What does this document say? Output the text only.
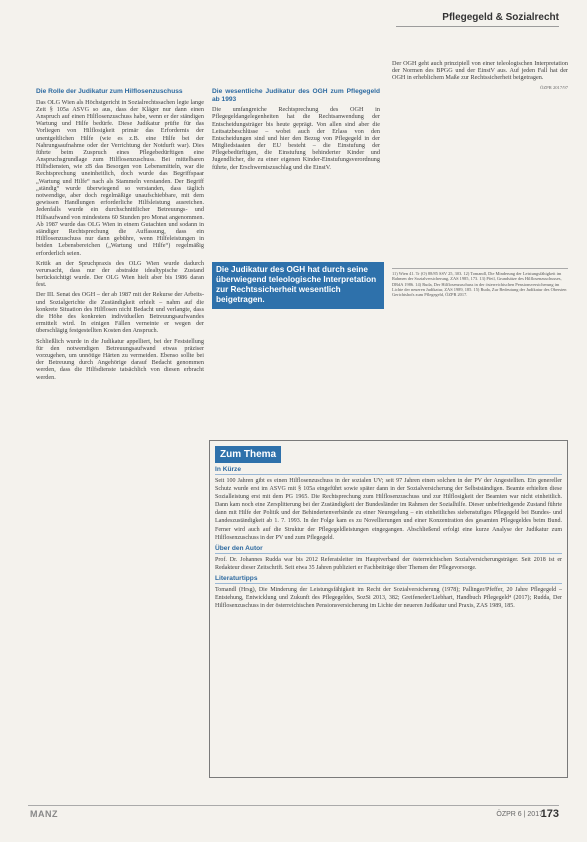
Pflegegeld & Sozialrecht
Die Rolle der Judikatur zum Hilflosenzuschuss

Das OLG Wien als Höchstgericht in Sozialrechtssachen legte lange Zeit § 105a ASVG so aus, dass der Kläger nur dann einen Anspruch auf einen Hilflosenzuschuss habe, wenn er der ständigen Wartung und Hilfe bedürfe. Diese Judikatur prüfte für das Vorliegen von Hilflosigkeit primär das Erfordernis der unentgeltlichen Hilfe (wie es z.B. eine Hilfe bei der Nahrungsaufnahme oder der Verrichtung der Notdurft war). Dies führte beim Zuspruch eines Pflegebedürftigen eine Anspruchsgrundlage zum Hilflosenzuschuss. Bei mittelbaren Hilfsdiensten, wie zB das Besorgen von Lebensmitteln, war die Rechtsprechung uneinheitlich, doch wurde das Begriffspaar „Wartung und Hilfe“ nach als Stammeln verstanden. Der Begriff „ständig“ wurde überwiegend so verstanden, dass täglich notwendige, aber doch regelmäßige unaufschiebbare, mit dem gewissen Handlungen erforderliche Hilfsleistung ausreichen. Jedenfalls wurde ein durchschnittlicher Betreuungs- und Hilfsaufwand von mindestens 60 Stunden pro Monat angenommen. Ab 1987 wurde das OLG Wien in einem Gutachten und sodann in ständiger Rechtsprechung die Auffassung, dass ein Hilflosenzuschuss nur dann gebühre, wenn Hilfeleistungen in beiden Lebensbereichen („Wartung und Hilfe“) regelmäßig erforderlich seien.

Kritik an der Spruchpraxis des OLG Wien wurde dadurch verursacht, dass nur der abstrakte idealtypische Zustand berücksichtigt wurde. Der OLG Wien hielt aber bis 1986 daran fest.

Der III. Senat des OGH – der ab 1987 mit der Rekurse der Arbeits- und Sozialgerichte die Zuständigkeit erhielt – nahm auf die konkrete Situation des Hilflosen nicht Bedacht und verlangte, dass die Höhe des konkreten individuellen Betreuungsaufwandes ermittelt wird. In einigen Fällen verneinte er wegen der überschlägig festgestellten Kosten den Anspruch.

Schließlich wurde in die Judikatur appelliert, bei der Feststellung für den notwendigen Betreuungsaufwand etwas präziser vorzugehen, um unnötige Härten zu vermeiden. Ebenso sollte bei der Betreuung durch Angehörige darauf Bedacht genommen werden, dass die Hilfsdienste tatsächlich von diesen erbracht werden.

Die wesentliche Judikatur des OGH zum Pflegegeld ab 1993

Die umfangreiche Rechtsprechung des OGH in Pflegegeldangelegenheiten hat die Rechtsanwendung der Entscheidungsträger bis heute geprägt. Von allen sind aber die Leitsatzbeschlüsse – wobei auch der Erlass von den Entscheidungen sind und hier den Bezug von Pflegegeld in der Mitgliedstaaten der EU besteht – die Einstufung der Pflegebedürftigen, die Einstufung behinderter Kinder und Jugendlicher, die zu einer eigenen Kinder-Einstufungsverordnung führte, der Erschwerniszuschlag und die EinstV.

Die Judikatur des OGH hat durch seine überwiegend teleologische Interpretation zur Rechtssicherheit wesentlich beigetragen.

Der OGH geht auch prinzipiell von einer teleologischen Interpretation der Normen des BPGG und der EinstV aus. Auf jeden Fall hat der OGH in erheblichem Maße zur Rechtssicherheit beigetragen.

ÖZPR 2017/97
11) Wien 41. Tr (O) 88/85 SSV 25, 303. 12) Tomandl, Die Minderung der Leistungsfähigkeit im Rahmen der Sozialversicherung, ZAS 1985, 173. 13) Pfeil, Grundsätze des Hilflosenzuschusses, DRdA 1986. 14) Ruda, Der Hilflosenzuschuss in der österreichischen Pensionsversicherung im Lichte der neueren Judikatur, ZAS 1989, 185. 15) Ruda, Zur Bedeutung der Judikatur des Obersten Gerichtshofs zum Pflegegeld, ÖZPR 2017.
Zum Thema
In Kürze
Seit 100 Jahren gibt es einen Hilflosenzuschuss in der sozialen UV; seit 97 Jahren einen solchen in der PV der Angestellten. Ein genereller Schutz wurde erst im ASVG mit § 105a eingeführt sowie später dann in der Sozialversicherung der Selbstständigen. Beamte erhielten diese Sozialleistung erst mit dem PG 1965. Die Rechtsprechung zum Hilflosenzuschuss und zur Hilflosigkeit der Beamten war nicht einheitlich. Dann kam noch eine Zersplitterung bei der Zuständigkeit der Bundesländer im Rahmen der Sozialhilfe. Dieser unbefriedigende Zustand führte dann mit Hilfe der Politik und der Behindertenverbände zu einer Neuregelung – ein einheitliches siebenstufiges Pflegegeld bei Bundes- und Landeszuständigkeit ab 1. 7. 1993. In der Folge kam es zu Novellierungen und einer Konzentration des gesamten Pflegegeldes beim Bund. Ferner wird auch auf die Struktur der Pflegegeldleistungen eingegangen. Abschließend erfolgt eine kurze Analyse der Judikatur zum Hilflosenzuschuss in der PV und zum Pflegegeld.
Über den Autor
Prof. Dr. Johannes Rudda war bis 2012 Referatsleiter im Hauptverband der österreichischen Sozialversicherungsträger. Seit 2018 ist er Redakteur dieser Zeitschrift. Seit etwa 35 Jahren publiziert er Fachbeiträge über Themen der Pflegevorsorge.
Literaturtipps
Tomandl (Hrsg), Die Minderung der Leistungsfähigkeit im Recht der Sozialversicherung (1978); Pallinger/Pfeffer, 20 Jahre Pflegegeld – Entstehung, Entwicklung und Zukunft des Pflegegeldes, SozSi 2013, 382; Greifeneder/Liebhart, Handbuch Pflegegeld⁴ (2017); Rudda, Der Hilflosenzuschuss in der österreichischen Pensionsversicherung im Lichte der neueren Judikatur und Praxis, ZAS 1989, 185.
MANZ	ÖZPR 6 | 2017
173
